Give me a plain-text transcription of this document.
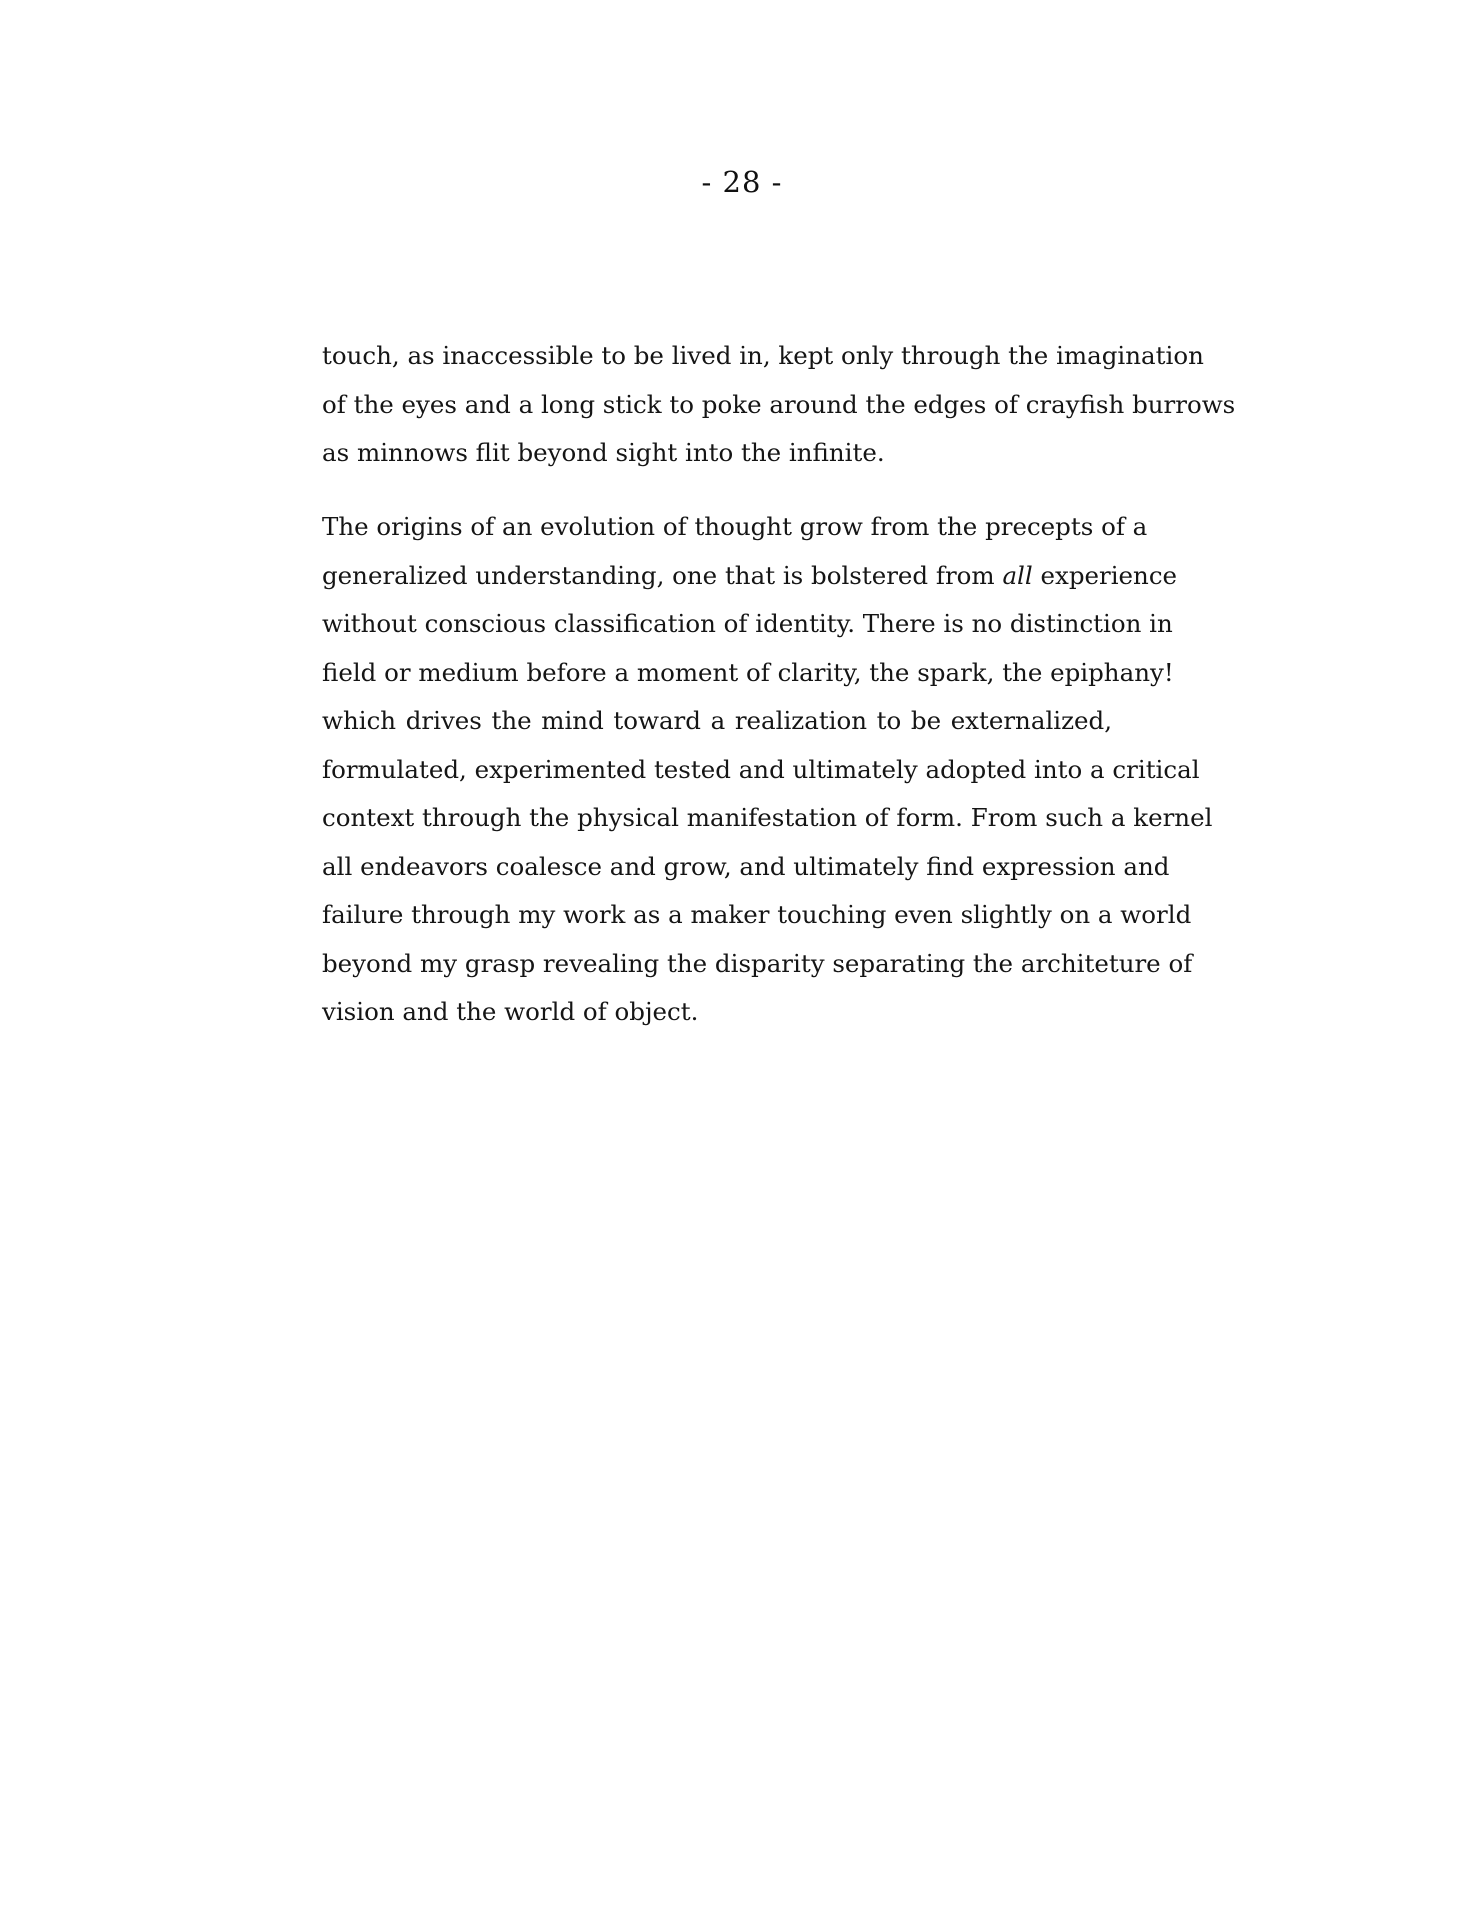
- 28 -
touch, as inaccessible to be lived in, kept only through the imagination
of the eyes and a long stick to poke around the edges of crayfish burrows
as minnows flit beyond sight into the infinite.
The origins of an evolution of thought grow from the precepts of a
generalized understanding, one that is bolstered from all experience
without conscious classification of identity. There is no distinction in
field or medium before a moment of clarity, the spark, the epiphany!
which drives the mind toward a realization to be externalized,
formulated, experimented tested and ultimately adopted into a critical
context through the physical manifestation of form. From such a kernel
all endeavors coalesce and grow, and ultimately find expression and
failure through my work as a maker touching even slightly on a world
beyond my grasp revealing the disparity separating the architeture of
vision and the world of object.
